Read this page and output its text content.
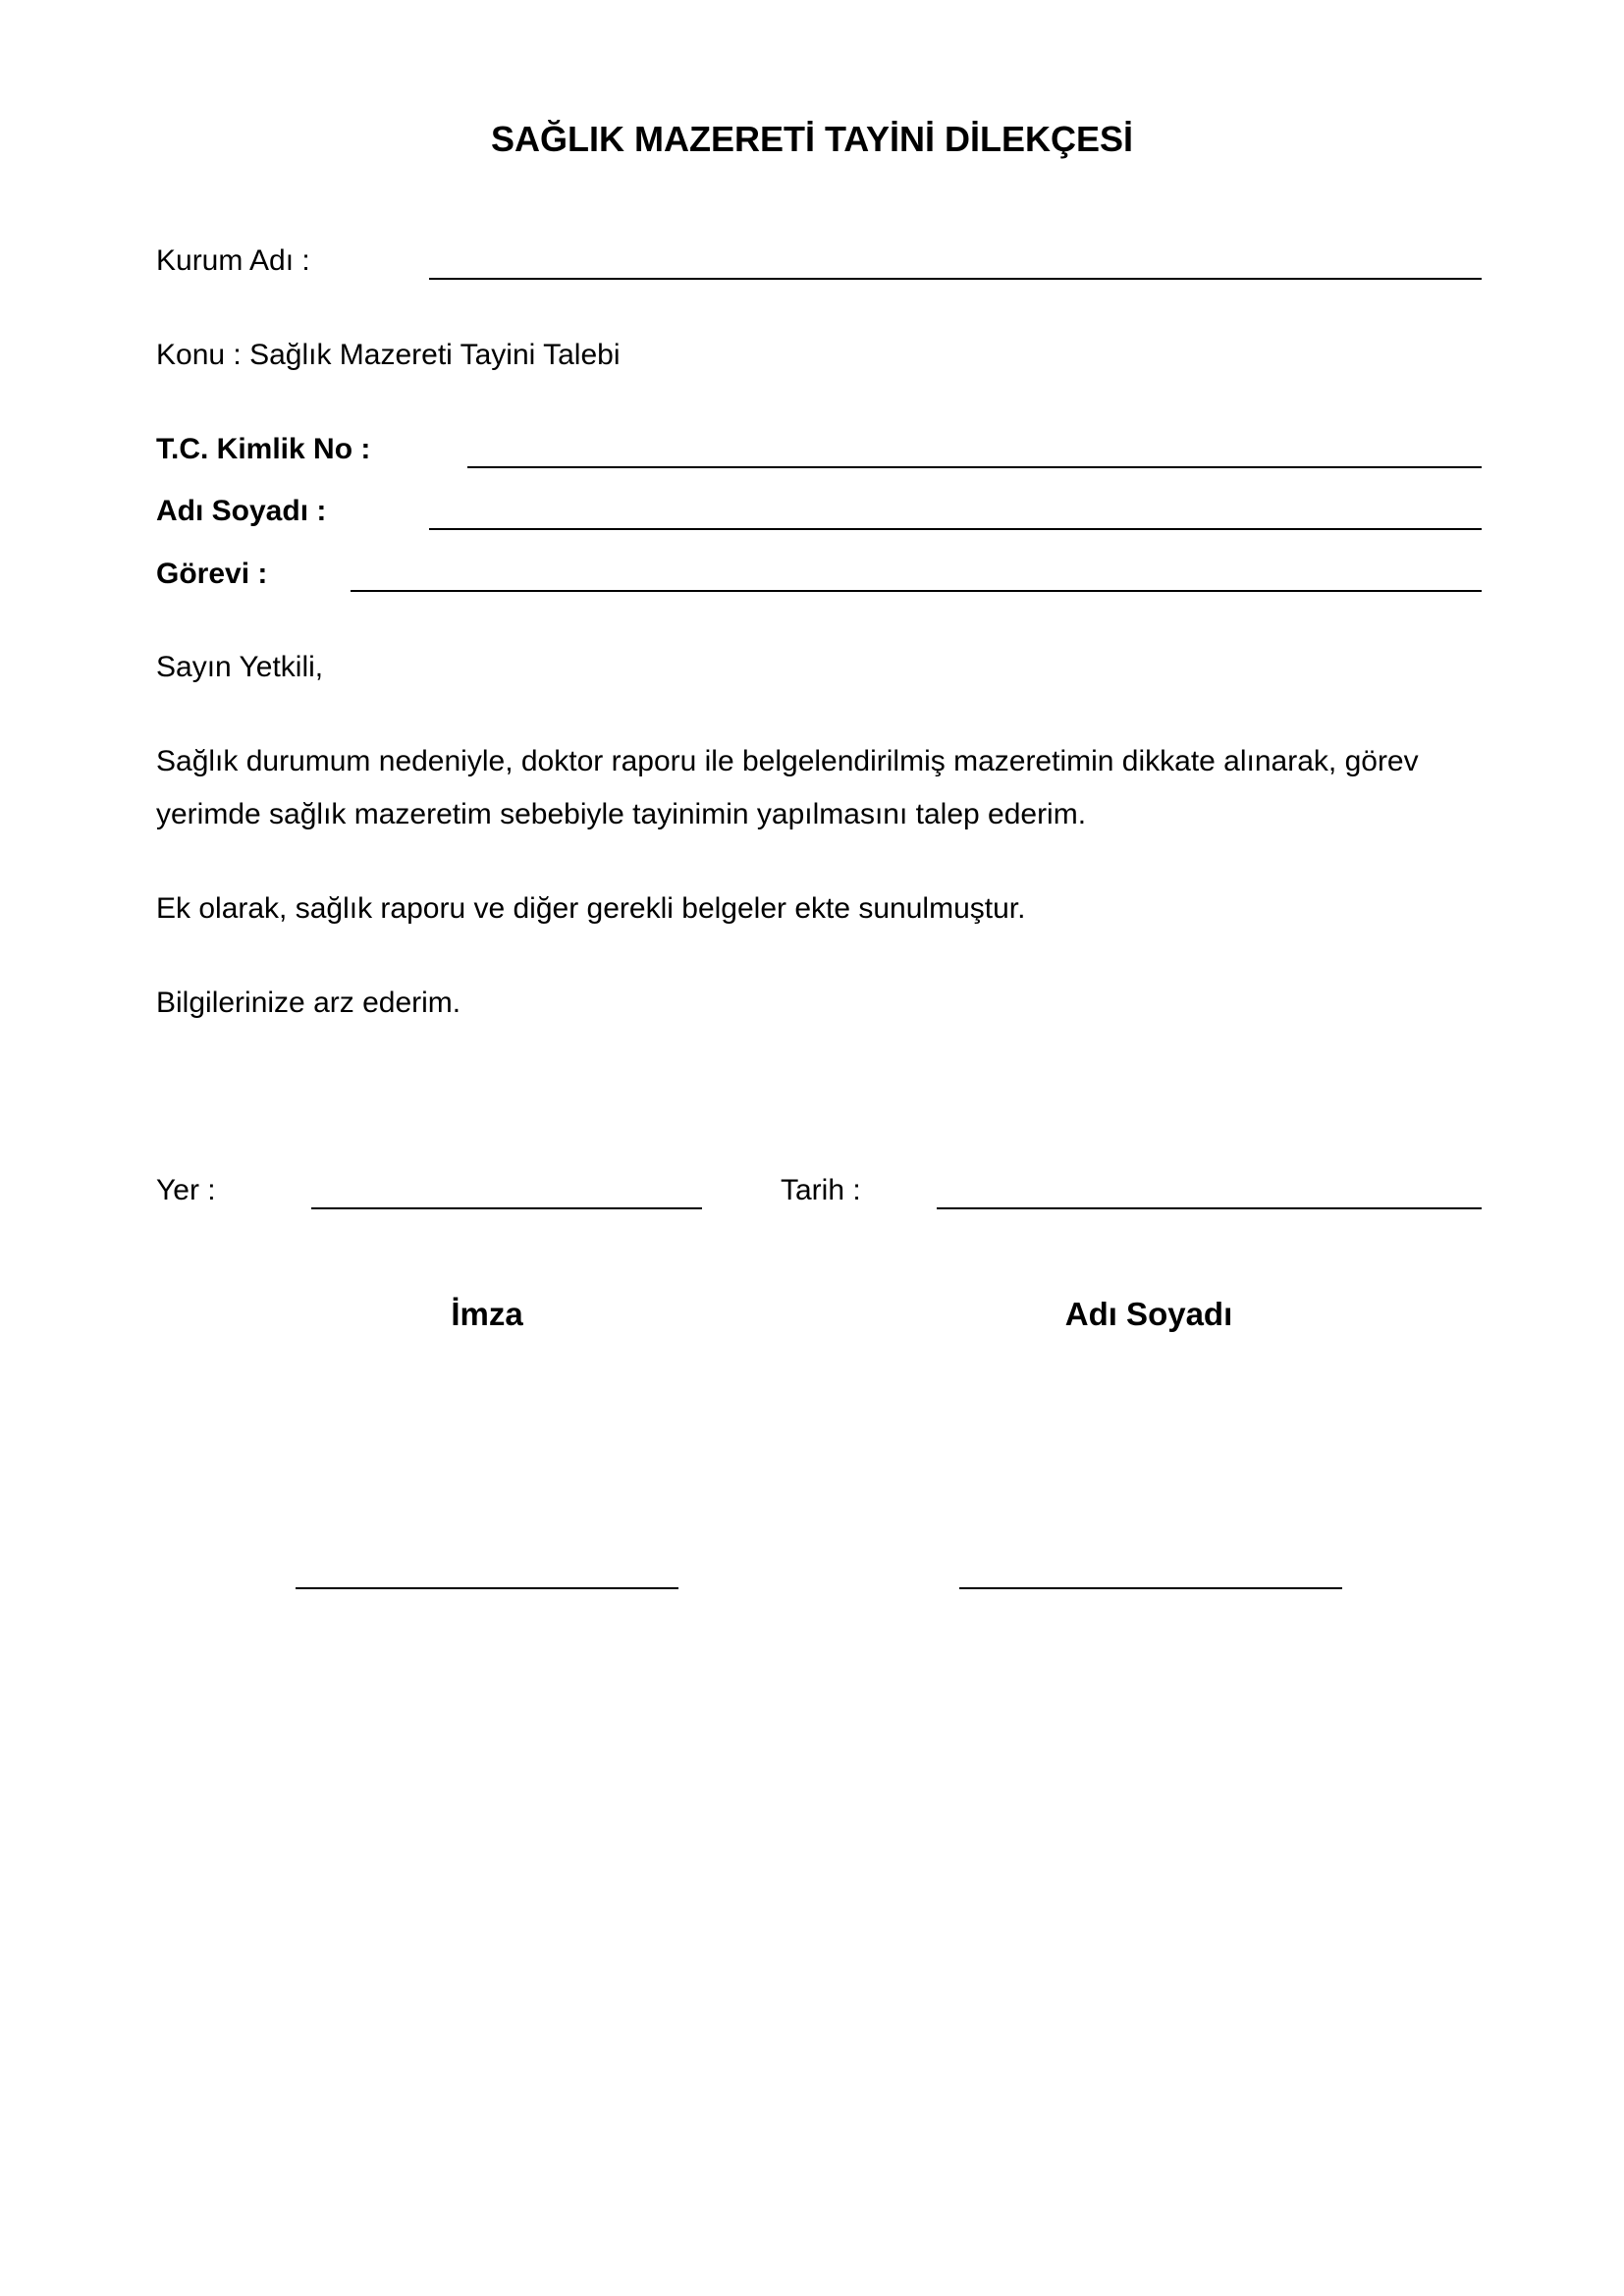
SAĞLIK MAZERETİ TAYİNİ DİLEKÇESİ
Kurum Adı :
Konu : Sağlık Mazereti Tayini Talebi
T.C. Kimlik No :
Adı Soyadı :
Görevi :
Sayın Yetkili,
Sağlık durumum nedeniyle, doktor raporu ile belgelendirilmiş mazeretimin dikkate alınarak, görev
yerimde sağlık mazeretim sebebiyle tayinimin yapılmasını talep ederim.
Ek olarak, sağlık raporu ve diğer gerekli belgeler ekte sunulmuştur.
Bilgilerinize arz ederim.
Yer :	Tarih :
İmza	Adı Soyadı
